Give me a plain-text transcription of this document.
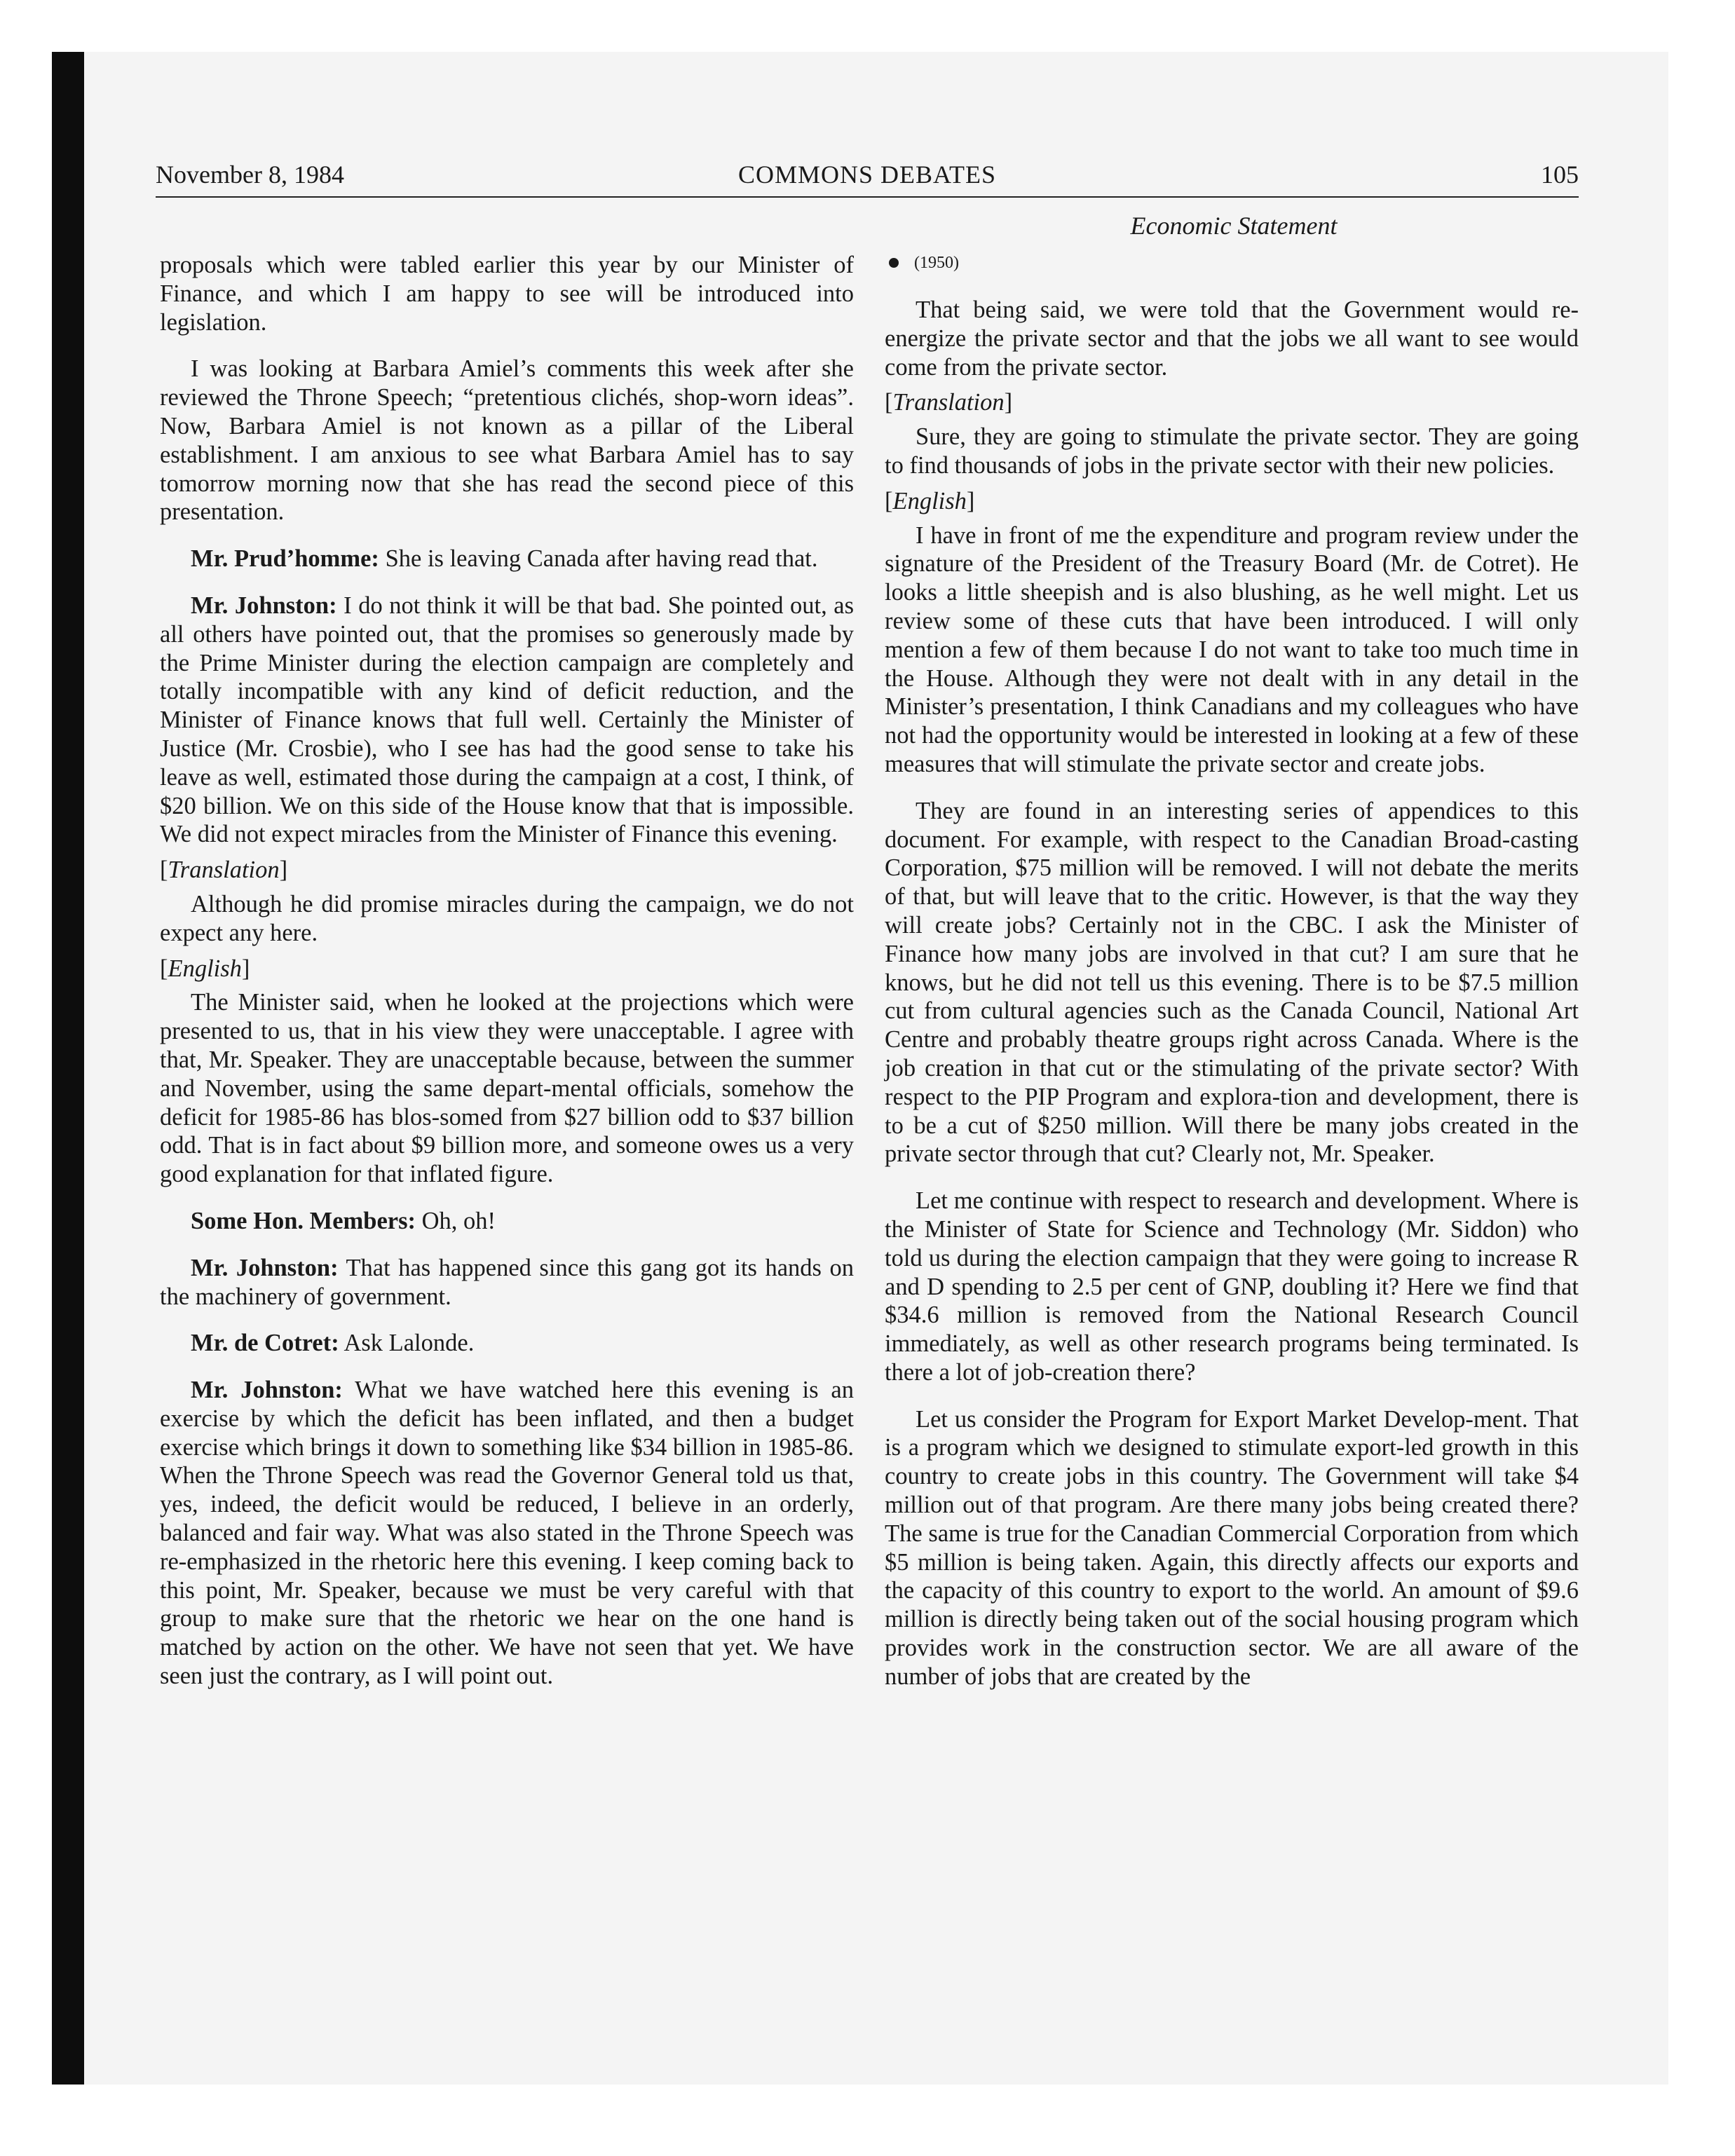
November 8, 1984	COMMONS DEBATES	105
Economic Statement

proposals which were tabled earlier this year by our Minister of Finance, and which I am happy to see will be introduced into legislation.

I was looking at Barbara Amiel’s comments this week after she reviewed the Throne Speech; “pretentious clichés, shop-worn ideas”. Now, Barbara Amiel is not known as a pillar of the Liberal establishment. I am anxious to see what Barbara Amiel has to say tomorrow morning now that she has read the second piece of this presentation.

Mr. Prud’homme: She is leaving Canada after having read that.

Mr. Johnston: I do not think it will be that bad. She pointed out, as all others have pointed out, that the promises so generously made by the Prime Minister during the election campaign are completely and totally incompatible with any kind of deficit reduction, and the Minister of Finance knows that full well. Certainly the Minister of Justice (Mr. Crosbie), who I see has had the good sense to take his leave as well, estimated those during the campaign at a cost, I think, of $20 billion. We on this side of the House know that that is impossible. We did not expect miracles from the Minister of Finance this evening.

[Translation]

Although he did promise miracles during the campaign, we do not expect any here.

[English]

The Minister said, when he looked at the projections which were presented to us, that in his view they were unacceptable. I agree with that, Mr. Speaker. They are unacceptable because, between the summer and November, using the same depart-mental officials, somehow the deficit for 1985-86 has blos-somed from $27 billion odd to $37 billion odd. That is in fact about $9 billion more, and someone owes us a very good explanation for that inflated figure.

Some Hon. Members: Oh, oh!

Mr. Johnston: That has happened since this gang got its hands on the machinery of government.

Mr. de Cotret: Ask Lalonde.

Mr. Johnston: What we have watched here this evening is an exercise by which the deficit has been inflated, and then a budget exercise which brings it down to something like $34 billion in 1985-86. When the Throne Speech was read the Governor General told us that, yes, indeed, the deficit would be reduced, I believe in an orderly, balanced and fair way. What was also stated in the Throne Speech was re-emphasized in the rhetoric here this evening. I keep coming back to this point, Mr. Speaker, because we must be very careful with that group to make sure that the rhetoric we hear on the one hand is matched by action on the other. We have not seen that yet. We have seen just the contrary, as I will point out.

(1950)

That being said, we were told that the Government would re-energize the private sector and that the jobs we all want to see would come from the private sector.

[Translation]

Sure, they are going to stimulate the private sector. They are going to find thousands of jobs in the private sector with their new policies.

[English]

I have in front of me the expenditure and program review under the signature of the President of the Treasury Board (Mr. de Cotret). He looks a little sheepish and is also blushing, as he well might. Let us review some of these cuts that have been introduced. I will only mention a few of them because I do not want to take too much time in the House. Although they were not dealt with in any detail in the Minister’s presentation, I think Canadians and my colleagues who have not had the opportunity would be interested in looking at a few of these measures that will stimulate the private sector and create jobs.

They are found in an interesting series of appendices to this document. For example, with respect to the Canadian Broad-casting Corporation, $75 million will be removed. I will not debate the merits of that, but will leave that to the critic. However, is that the way they will create jobs? Certainly not in the CBC. I ask the Minister of Finance how many jobs are involved in that cut? I am sure that he knows, but he did not tell us this evening. There is to be $7.5 million cut from cultural agencies such as the Canada Council, National Art Centre and probably theatre groups right across Canada. Where is the job creation in that cut or the stimulating of the private sector? With respect to the PIP Program and explora-tion and development, there is to be a cut of $250 million. Will there be many jobs created in the private sector through that cut? Clearly not, Mr. Speaker.

Let me continue with respect to research and development. Where is the Minister of State for Science and Technology (Mr. Siddon) who told us during the election campaign that they were going to increase R and D spending to 2.5 per cent of GNP, doubling it? Here we find that $34.6 million is removed from the National Research Council immediately, as well as other research programs being terminated. Is there a lot of job-creation there?

Let us consider the Program for Export Market Develop-ment. That is a program which we designed to stimulate export-led growth in this country to create jobs in this country. The Government will take $4 million out of that program. Are there many jobs being created there? The same is true for the Canadian Commercial Corporation from which $5 million is being taken. Again, this directly affects our exports and the capacity of this country to export to the world. An amount of $9.6 million is directly being taken out of the social housing program which provides work in the construction sector. We are all aware of the number of jobs that are created by the
